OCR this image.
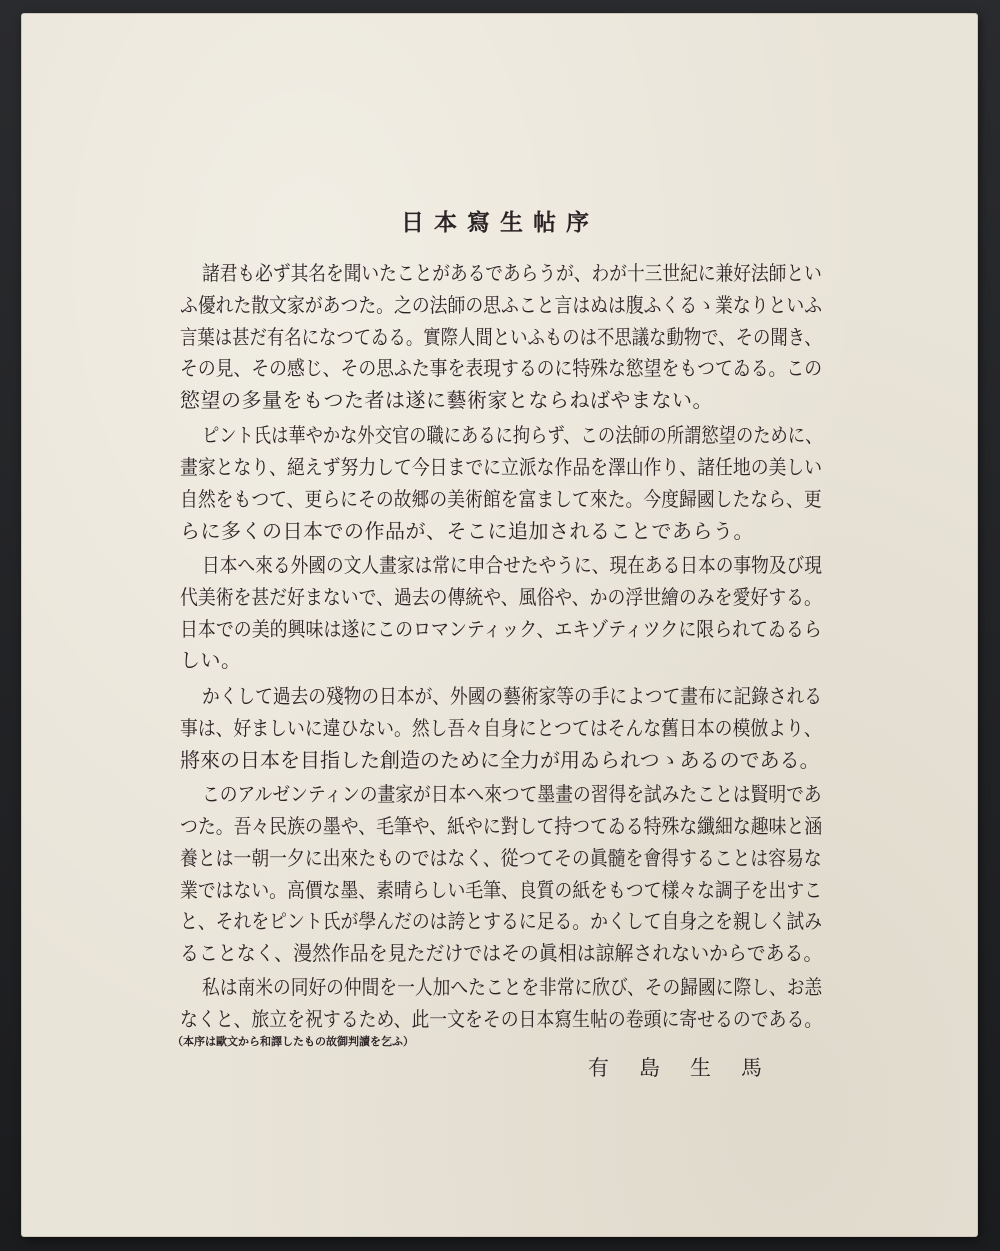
日本寫生帖序
諸君も必ず其名を聞いたことがあるであらうが、わが十三世紀に兼好法師とい
ふ優れた散文家があつた。之の法師の思ふこと言はぬは腹ふくるゝ業なりといふ
言葉は甚だ有名になつてゐる。實際人間といふものは不思議な動物で、その聞き、
その見、その感じ、その思ふた事を表現するのに特殊な慾望をもつてゐる。この
慾望の多量をもつた者は遂に藝術家とならねばやまない。
ピント氏は華やかな外交官の職にあるに拘らず、この法師の所謂慾望のために、
畫家となり、絕えず努力して今日までに立派な作品を澤山作り、諸任地の美しい
自然をもつて、更らにその故郷の美術館を富まして來た。今度歸國したなら、更
らに多くの日本での作品が、そこに追加されることであらう。
日本へ來る外國の文人畫家は常に申合せたやうに、現在ある日本の事物及び現
代美術を甚だ好まないで、過去の傳統や、風俗や、かの浮世繪のみを愛好する。
日本での美的興味は遂にこのロマンティック、エキゾティツクに限られてゐるら
しい。
かくして過去の殘物の日本が、外國の藝術家等の手によつて畫布に記錄される
事は、好ましいに違ひない。然し吾々自身にとつてはそんな舊日本の模倣より、
將來の日本を目指した創造のために全力が用ゐられつゝあるのである。
このアルゼンティンの畫家が日本へ來つて墨畫の習得を試みたことは賢明であ
つた。吾々民族の墨や、毛筆や、紙やに對して持つてゐる特殊な纖細な趣味と涵
養とは一朝一夕に出來たものではなく、從つてその眞髓を會得することは容易な
業ではない。高價な墨、素晴らしい毛筆、良質の紙をもつて樣々な調子を出すこ
と、それをピント氏が學んだのは誇とするに足る。かくして自身之を親しく試み
ることなく、漫然作品を見ただけではその眞相は諒解されないからである。
私は南米の同好の仲間を一人加へたことを非常に欣び、その歸國に際し、お恙
なくと、旅立を祝するため、此一文をその日本寫生帖の卷頭に寄せるのである。
（本序は歐文から和譯したもの故御判讀を乞ふ）
有島生馬
